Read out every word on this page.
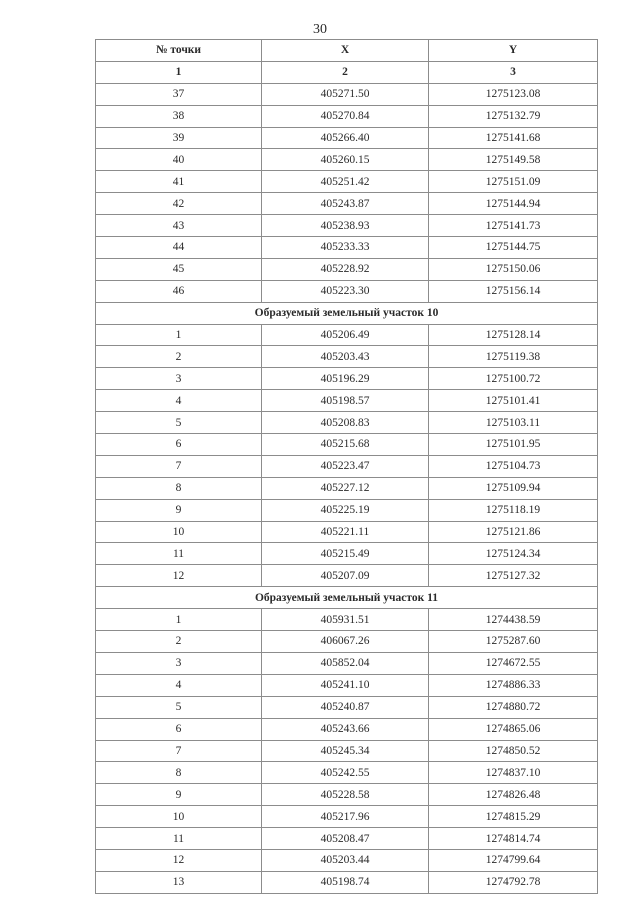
30
№ точки	X	Y
1	2	3
37	405271.50	1275123.08
38	405270.84	1275132.79
39	405266.40	1275141.68
40	405260.15	1275149.58
41	405251.42	1275151.09
42	405243.87	1275144.94
43	405238.93	1275141.73
44	405233.33	1275144.75
45	405228.92	1275150.06
46	405223.30	1275156.14
Образуемый земельный участок 10		
1	405206.49	1275128.14
2	405203.43	1275119.38
3	405196.29	1275100.72
4	405198.57	1275101.41
5	405208.83	1275103.11
6	405215.68	1275101.95
7	405223.47	1275104.73
8	405227.12	1275109.94
9	405225.19	1275118.19
10	405221.11	1275121.86
11	405215.49	1275124.34
12	405207.09	1275127.32
Образуемый земельный участок 11		
1	405931.51	1274438.59
2	406067.26	1275287.60
3	405852.04	1274672.55
4	405241.10	1274886.33
5	405240.87	1274880.72
6	405243.66	1274865.06
7	405245.34	1274850.52
8	405242.55	1274837.10
9	405228.58	1274826.48
10	405217.96	1274815.29
11	405208.47	1274814.74
12	405203.44	1274799.64
13	405198.74	1274792.78
